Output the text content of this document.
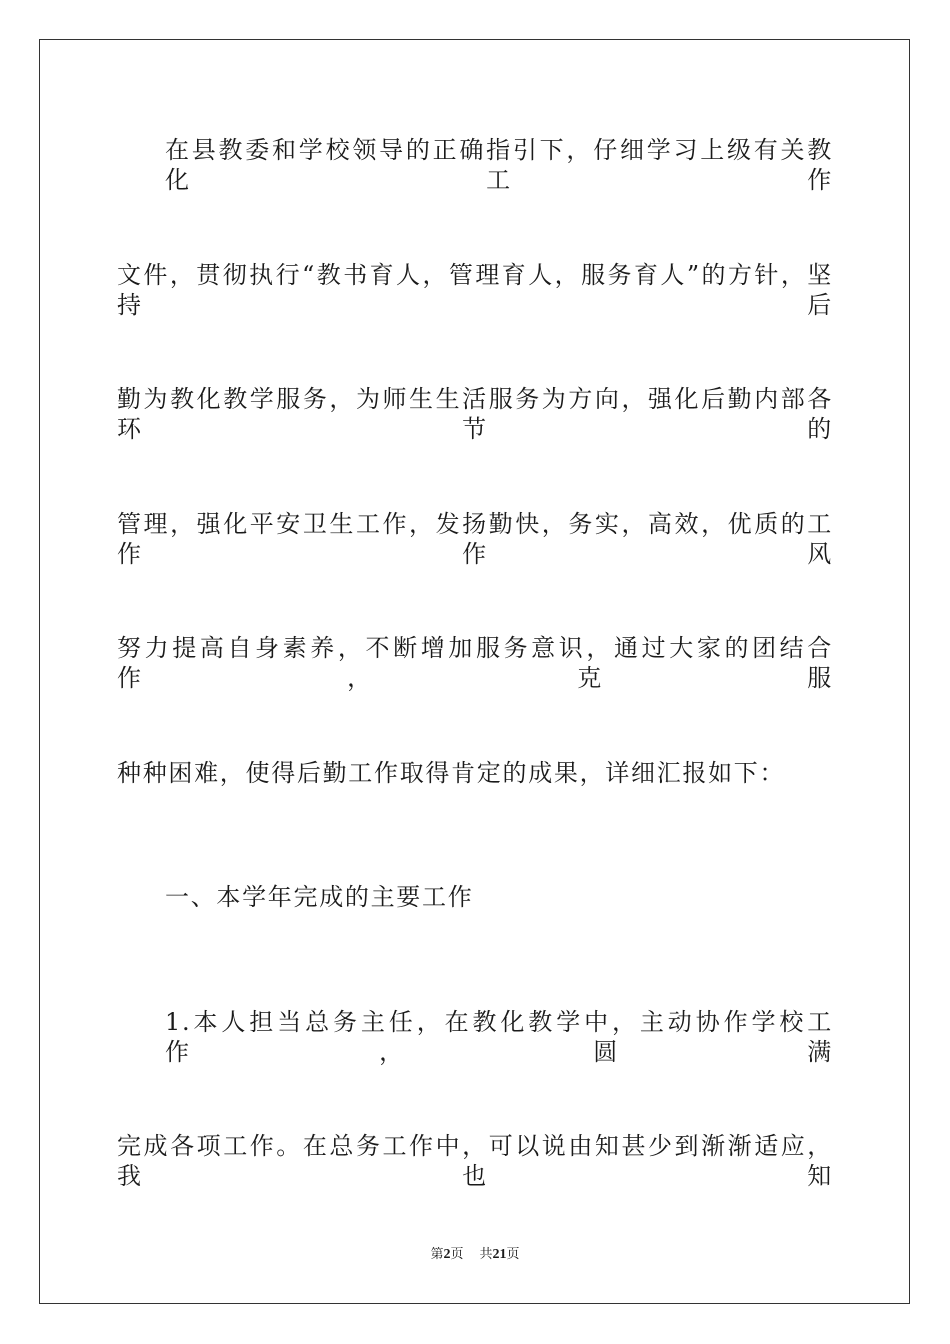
在县教委和学校领导的正确指引下，仔细学习上级有关教化工作
文件，贯彻执行“教书育人，管理育人，服务育人”的方针，坚持后
勤为教化教学服务，为师生生活服务为方向，强化后勤内部各环节的
管理，强化平安卫生工作，发扬勤快，务实，高效，优质的工作作风
努力提高自身素养，不断增加服务意识，通过大家的团结合作，克服
种种困难，使得后勤工作取得肯定的成果，详细汇报如下：
一、本学年完成的主要工作
1.本人担当总务主任，在教化教学中，主动协作学校工作，圆满
完成各项工作。在总务工作中，可以说由知甚少到渐渐适应，我也知
第2页 共21页
